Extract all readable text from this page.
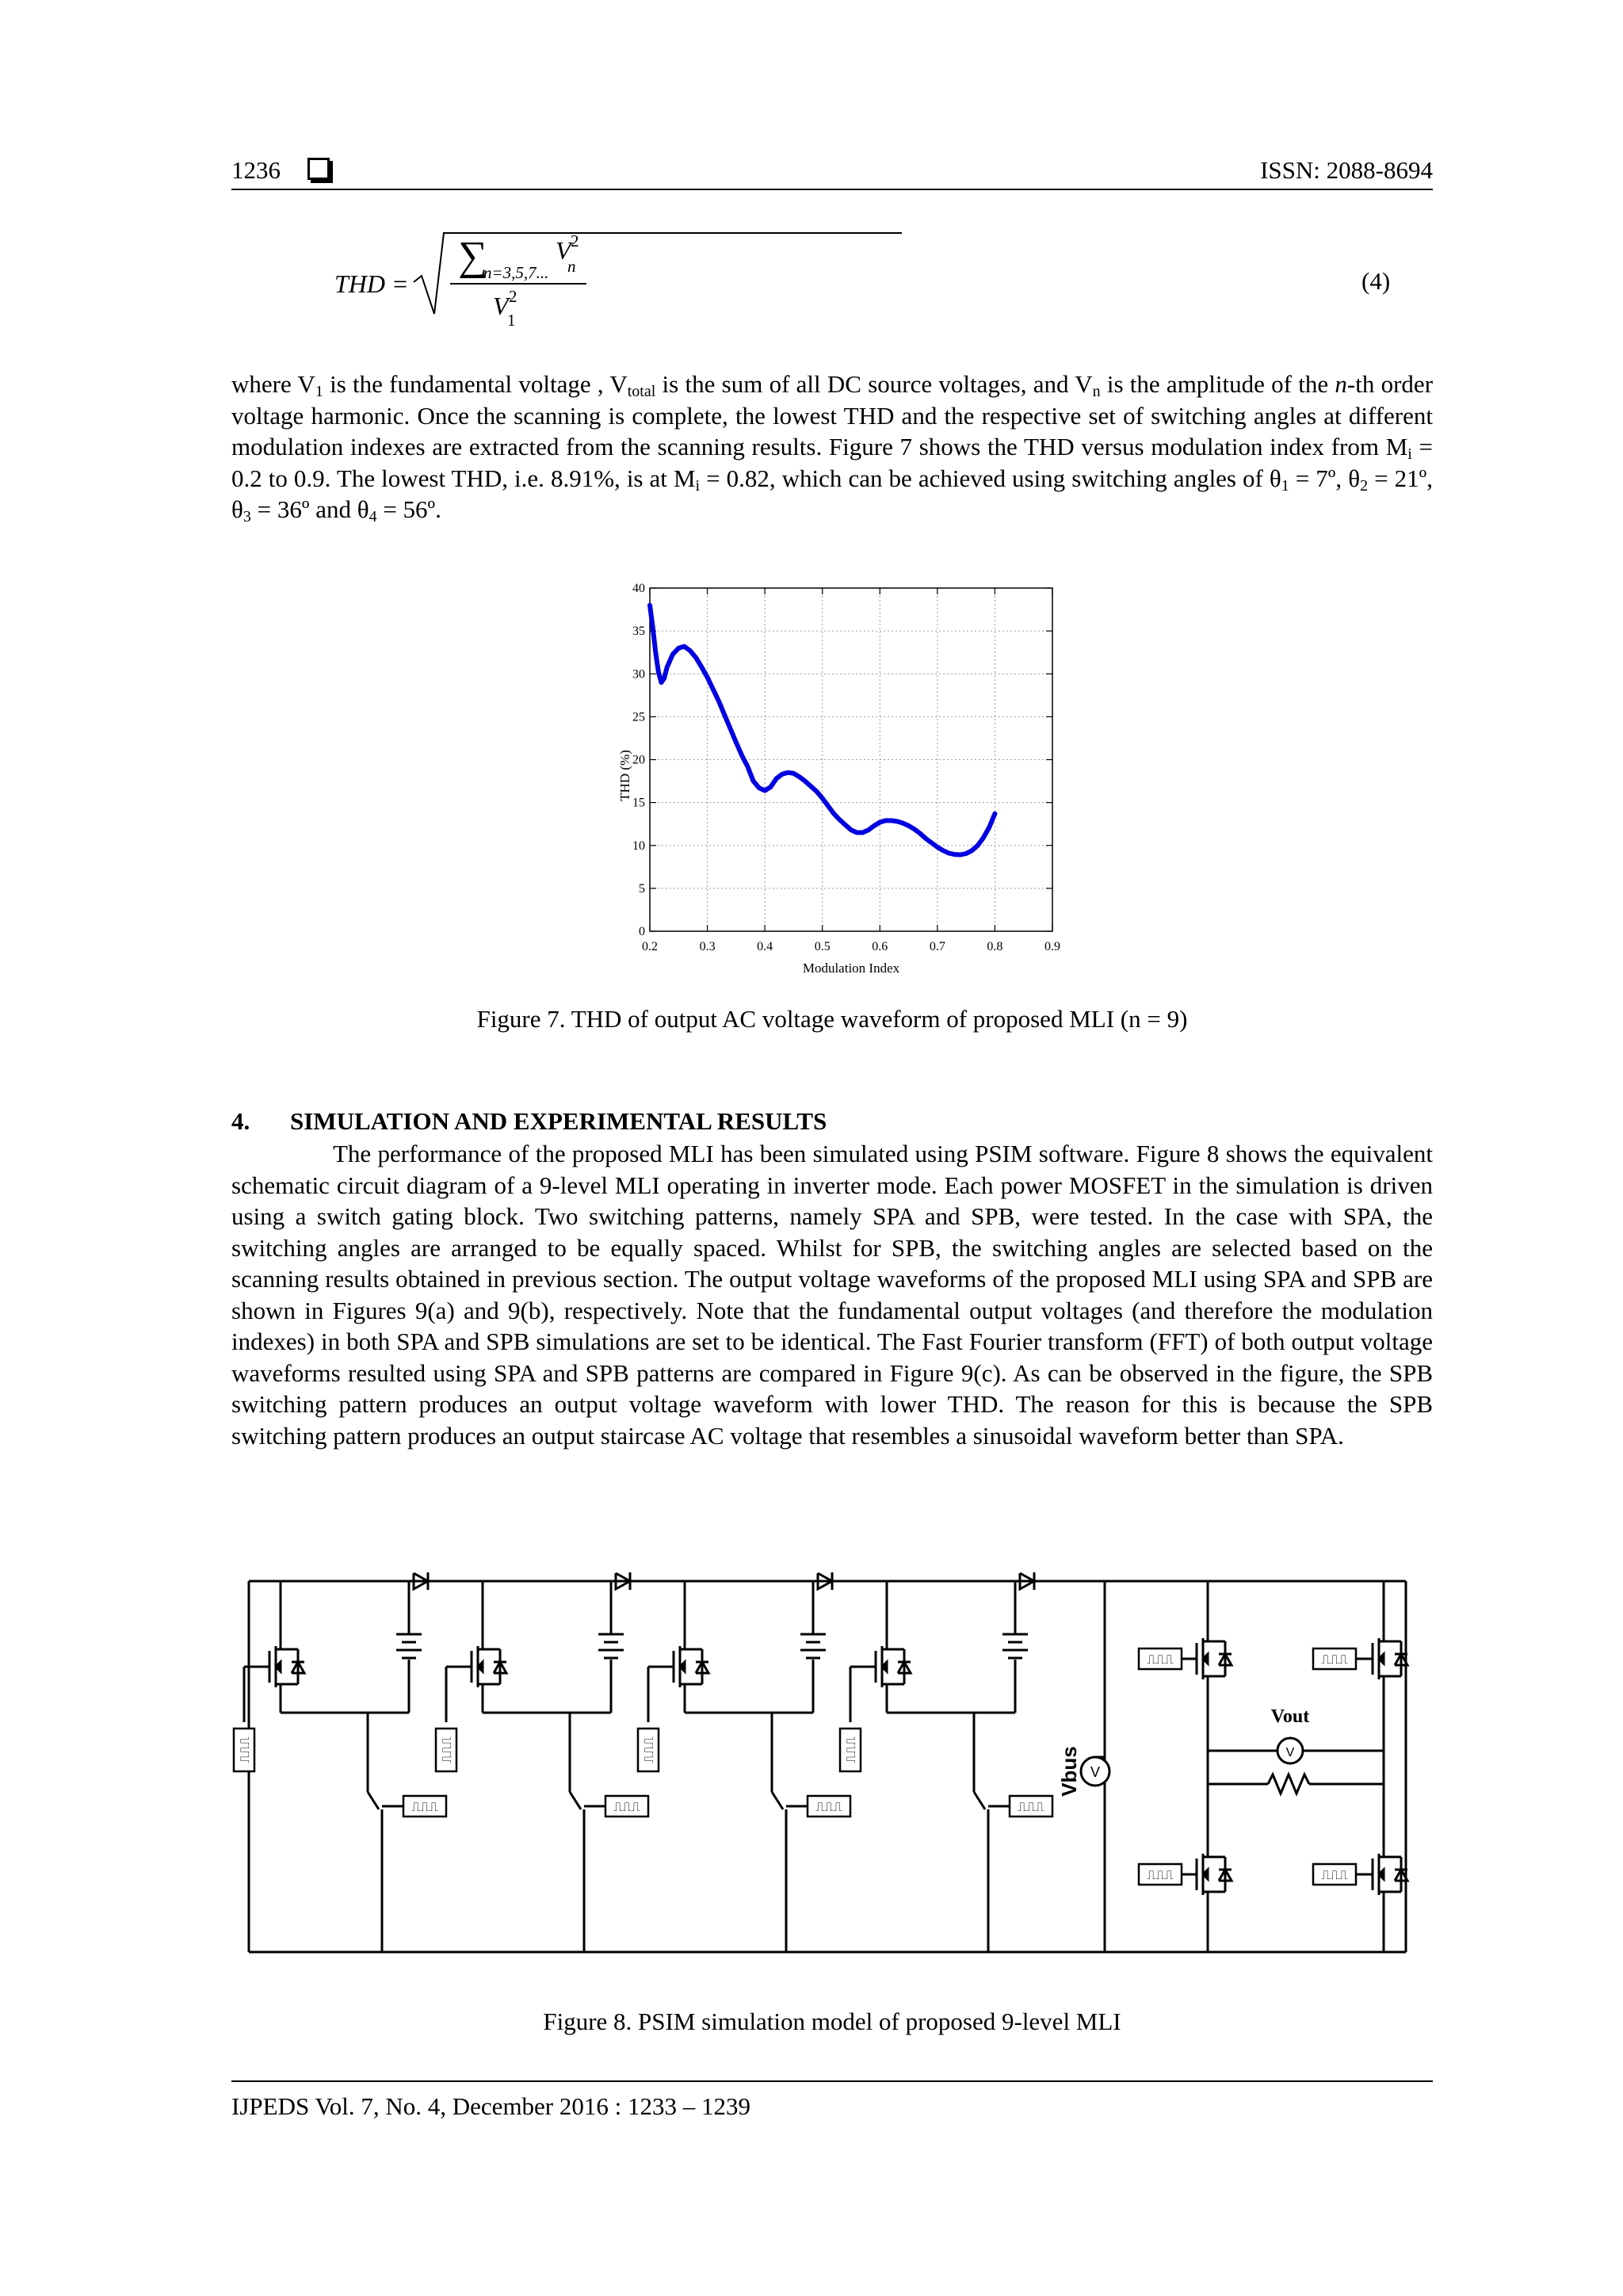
1236	ISSN: 2088-8694
THD =
∑
n=3,5,7...
V 2
n
V 2
1
(4)

where $V_1$ is the fundamental voltage , $V_{total}$ is the sum of all DC source voltages, and $V_n$ is the amplitude of the n-th order voltage harmonic. Once the scanning is complete, the lowest THD and the respective set of switching angles at different modulation indexes are extracted from the scanning results. Figure 7 shows the THD versus modulation index from $M_i = 0.2$ to 0.9. The lowest THD, i.e. 8.91%, is at $M_i = 0.82$, which can be achieved using switching angles of $\theta_1$ = 7º, $\theta_2$ = 21º, $\theta_3$ = 36º and $\theta_4$ = 56º.

0.2	0.3	0.4	0.5	0.6	0.7	0.8	0.9
0
5
10
15
20
25
30
35
40
Modulation Index
THD (%)
Figure 7. THD of output AC voltage waveform of proposed MLI (n = 9)
4. SIMULATION AND EXPERIMENTAL RESULTS

The performance of the proposed MLI has been simulated using PSIM software. Figure 8 shows the equivalent schematic circuit diagram of a 9-level MLI operating in inverter mode. Each power MOSFET in the simulation is driven using a switch gating block. Two switching patterns, namely SPA and SPB, were tested. In the case with SPA, the switching angles are arranged to be equally spaced. Whilst for SPB, the switching angles are selected based on the scanning results obtained in previous section. The output voltage waveforms of the proposed MLI using SPA and SPB are shown in Figures 9(a) and 9(b), respectively. Note that the fundamental output voltages (and therefore the modulation indexes) in both SPA and SPB simulations are set to be identical. The Fast Fourier transform (FFT) of both output voltage waveforms resulted using SPA and SPB patterns are compared in Figure 9(c). As can be observed in the figure, the SPB switching pattern produces an output voltage waveform with lower THD. The reason for this is because the SPB switching pattern produces an output staircase AC voltage that resembles a sinusoidal waveform better than SPA.

⎍⎍⎍
⎍⎍⎍
⎍⎍⎍
⎍⎍⎍
⎍⎍⎍
⎍⎍⎍
⎍⎍⎍
⎍⎍⎍
⎍⎍⎍	⎍⎍⎍
⎍⎍⎍	⎍⎍⎍
V
Vbus	V
Vout
Figure 8. PSIM simulation model of proposed 9-level MLI
IJPEDS Vol. 7, No. 4, December 2016 : 1233 – 1239
